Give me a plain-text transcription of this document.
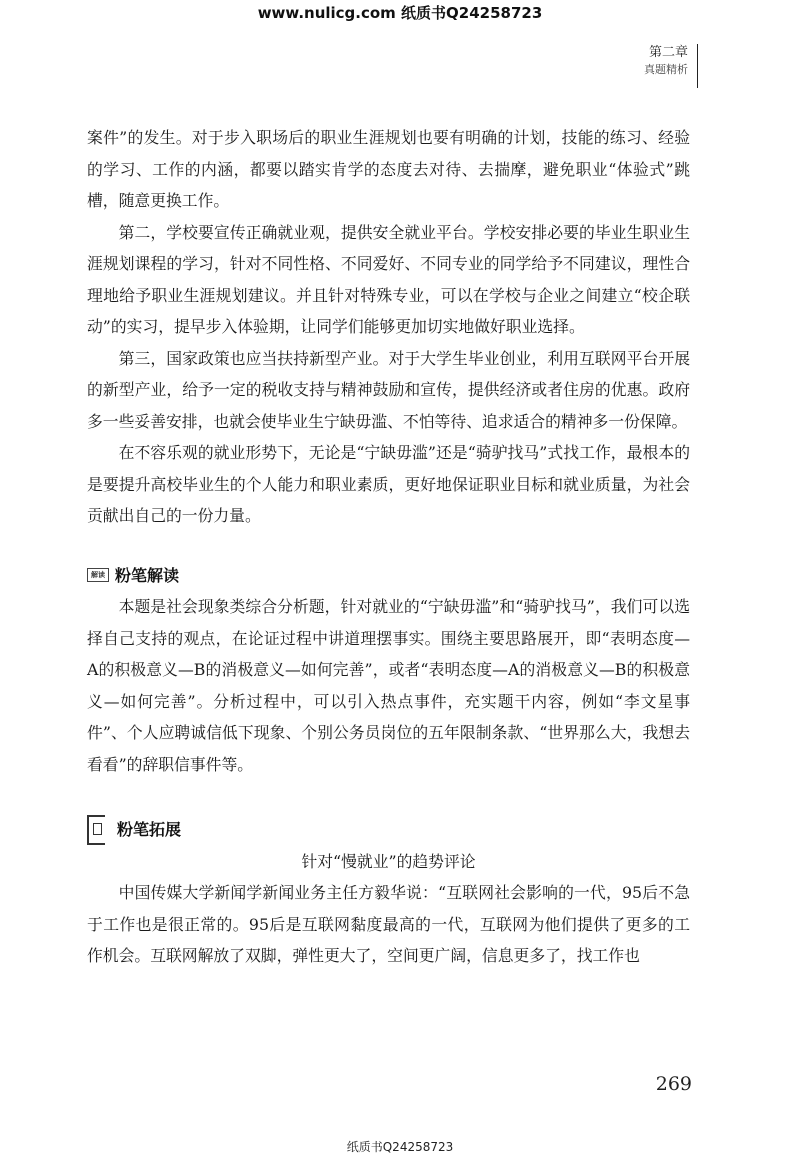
www.nulicg.com 纸质书Q24258723
第二章
真题精析

案件”的发生。对于步入职场后的职业生涯规划也要有明确的计划，技能的练习、经验的学习、工作的内涵，都要以踏实肯学的态度去对待、去揣摩，避免职业“体验式”跳槽，随意更换工作。

第二，学校要宣传正确就业观，提供安全就业平台。学校安排必要的毕业生职业生涯规划课程的学习，针对不同性格、不同爱好、不同专业的同学给予不同建议，理性合理地给予职业生涯规划建议。并且针对特殊专业，可以在学校与企业之间建立“校企联动”的实习，提早步入体验期，让同学们能够更加切实地做好职业选择。

第三，国家政策也应当扶持新型产业。对于大学生毕业创业，利用互联网平台开展的新型产业，给予一定的税收支持与精神鼓励和宣传，提供经济或者住房的优惠。政府多一些妥善安排，也就会使毕业生宁缺毋滥、不怕等待、追求适合的精神多一份保障。

在不容乐观的就业形势下，无论是“宁缺毋滥”还是“骑驴找马”式找工作，最根本的是要提升高校毕业生的个人能力和职业素质，更好地保证职业目标和就业质量，为社会贡献出自己的一份力量。

解读 粉笔解读

本题是社会现象类综合分析题，针对就业的“宁缺毋滥”和“骑驴找马”，我们可以选择自己支持的观点，在论证过程中讲道理摆事实。围绕主要思路展开，即“表明态度—A的积极意义—B的消极意义—如何完善”，或者“表明态度—A的消极意义—B的积极意义—如何完善”。分析过程中，可以引入热点事件，充实题干内容，例如“李文星事件”、个人应聘诚信低下现象、个别公务员岗位的五年限制条款、“世界那么大，我想去看看”的辞职信事件等。

粉笔拓展

针对“慢就业”的趋势评论

中国传媒大学新闻学新闻业务主任方毅华说：“互联网社会影响的一代，95后不急于工作也是很正常的。95后是互联网黏度最高的一代，互联网为他们提供了更多的工作机会。互联网解放了双脚，弹性更大了，空间更广阔，信息更多了，找工作也

269
纸质书Q24258723
